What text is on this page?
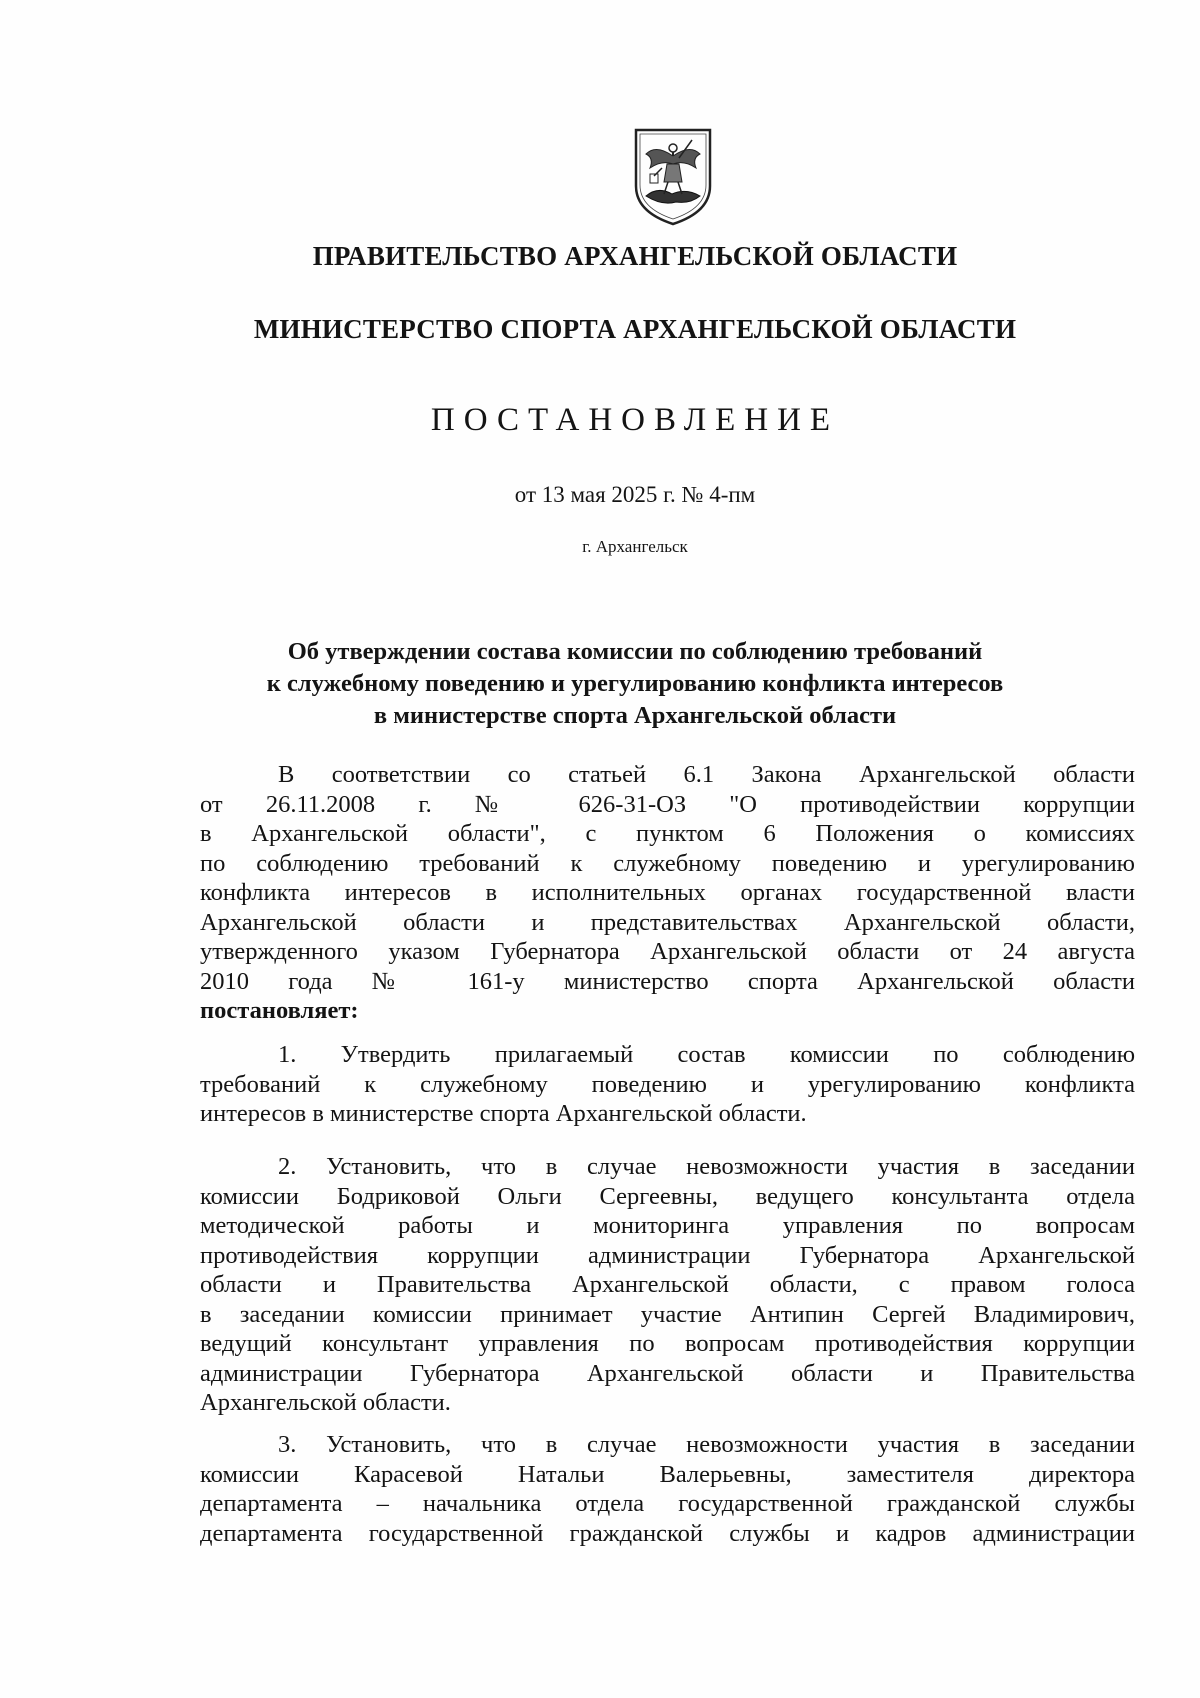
ПРАВИТЕЛЬСТВО АРХАНГЕЛЬСКОЙ ОБЛАСТИ
МИНИСТЕРСТВО СПОРТА АРХАНГЕЛЬСКОЙ ОБЛАСТИ
ПОСТАНОВЛЕНИЕ
от 13 мая 2025 г. № 4-пм
г. Архангельск
Об утверждении состава комиссии по соблюдению требований
к служебному поведению и урегулированию конфликта интересов
в министерстве спорта Архангельской области
В соответствии со статьей 6.1 Закона Архангельской области
от 26.11.2008 г. № 626-31-ОЗ "О противодействии коррупции
в Архангельской области", с пунктом 6 Положения о комиссиях
по соблюдению требований к служебному поведению и урегулированию
конфликта интересов в исполнительных органах государственной власти
Архангельской области и представительствах Архангельской области,
утвержденного указом Губернатора Архангельской области от 24 августа
2010 года № 161-у министерство спорта Архангельской области
постановляет:
1. Утвердить прилагаемый состав комиссии по соблюдению
требований к служебному поведению и урегулированию конфликта
интересов в министерстве спорта Архангельской области.
2. Установить, что в случае невозможности участия в заседании
комиссии Бодриковой Ольги Сергеевны, ведущего консультанта отдела
методической работы и мониторинга управления по вопросам
противодействия коррупции администрации Губернатора Архангельской
области и Правительства Архангельской области, с правом голоса
в заседании комиссии принимает участие Антипин Сергей Владимирович,
ведущий консультант управления по вопросам противодействия коррупции
администрации Губернатора Архангельской области и Правительства
Архангельской области.
3. Установить, что в случае невозможности участия в заседании
комиссии Карасевой Натальи Валерьевны, заместителя директора
департамента – начальника отдела государственной гражданской службы
департамента государственной гражданской службы и кадров администрации
